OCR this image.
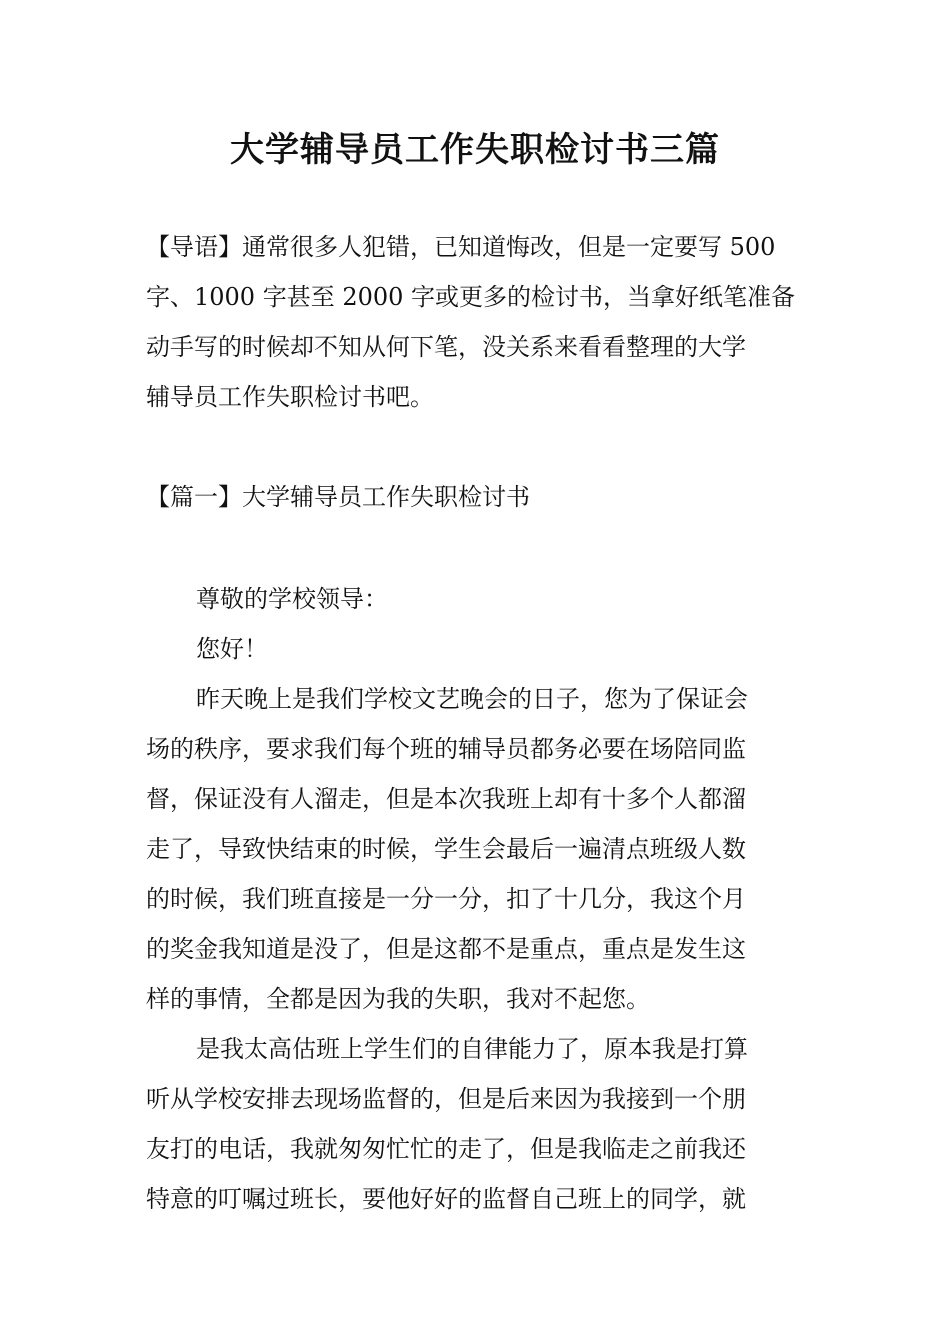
大学辅导员工作失职检讨书三篇
【导语】通常很多人犯错，已知道悔改，但是一定要写 500
字、1000 字甚至 2000 字或更多的检讨书，当拿好纸笔准备
动手写的时候却不知从何下笔，没关系来看看整理的大学
辅导员工作失职检讨书吧。
【篇一】大学辅导员工作失职检讨书
尊敬的学校领导：
您好！
昨天晚上是我们学校文艺晚会的日子，您为了保证会
场的秩序，要求我们每个班的辅导员都务必要在场陪同监
督，保证没有人溜走，但是本次我班上却有十多个人都溜
走了，导致快结束的时候，学生会最后一遍清点班级人数
的时候，我们班直接是一分一分，扣了十几分，我这个月
的奖金我知道是没了，但是这都不是重点，重点是发生这
样的事情，全都是因为我的失职，我对不起您。
是我太高估班上学生们的自律能力了，原本我是打算
听从学校安排去现场监督的，但是后来因为我接到一个朋
友打的电话，我就匆匆忙忙的走了，但是我临走之前我还
特意的叮嘱过班长，要他好好的监督自己班上的同学，就
